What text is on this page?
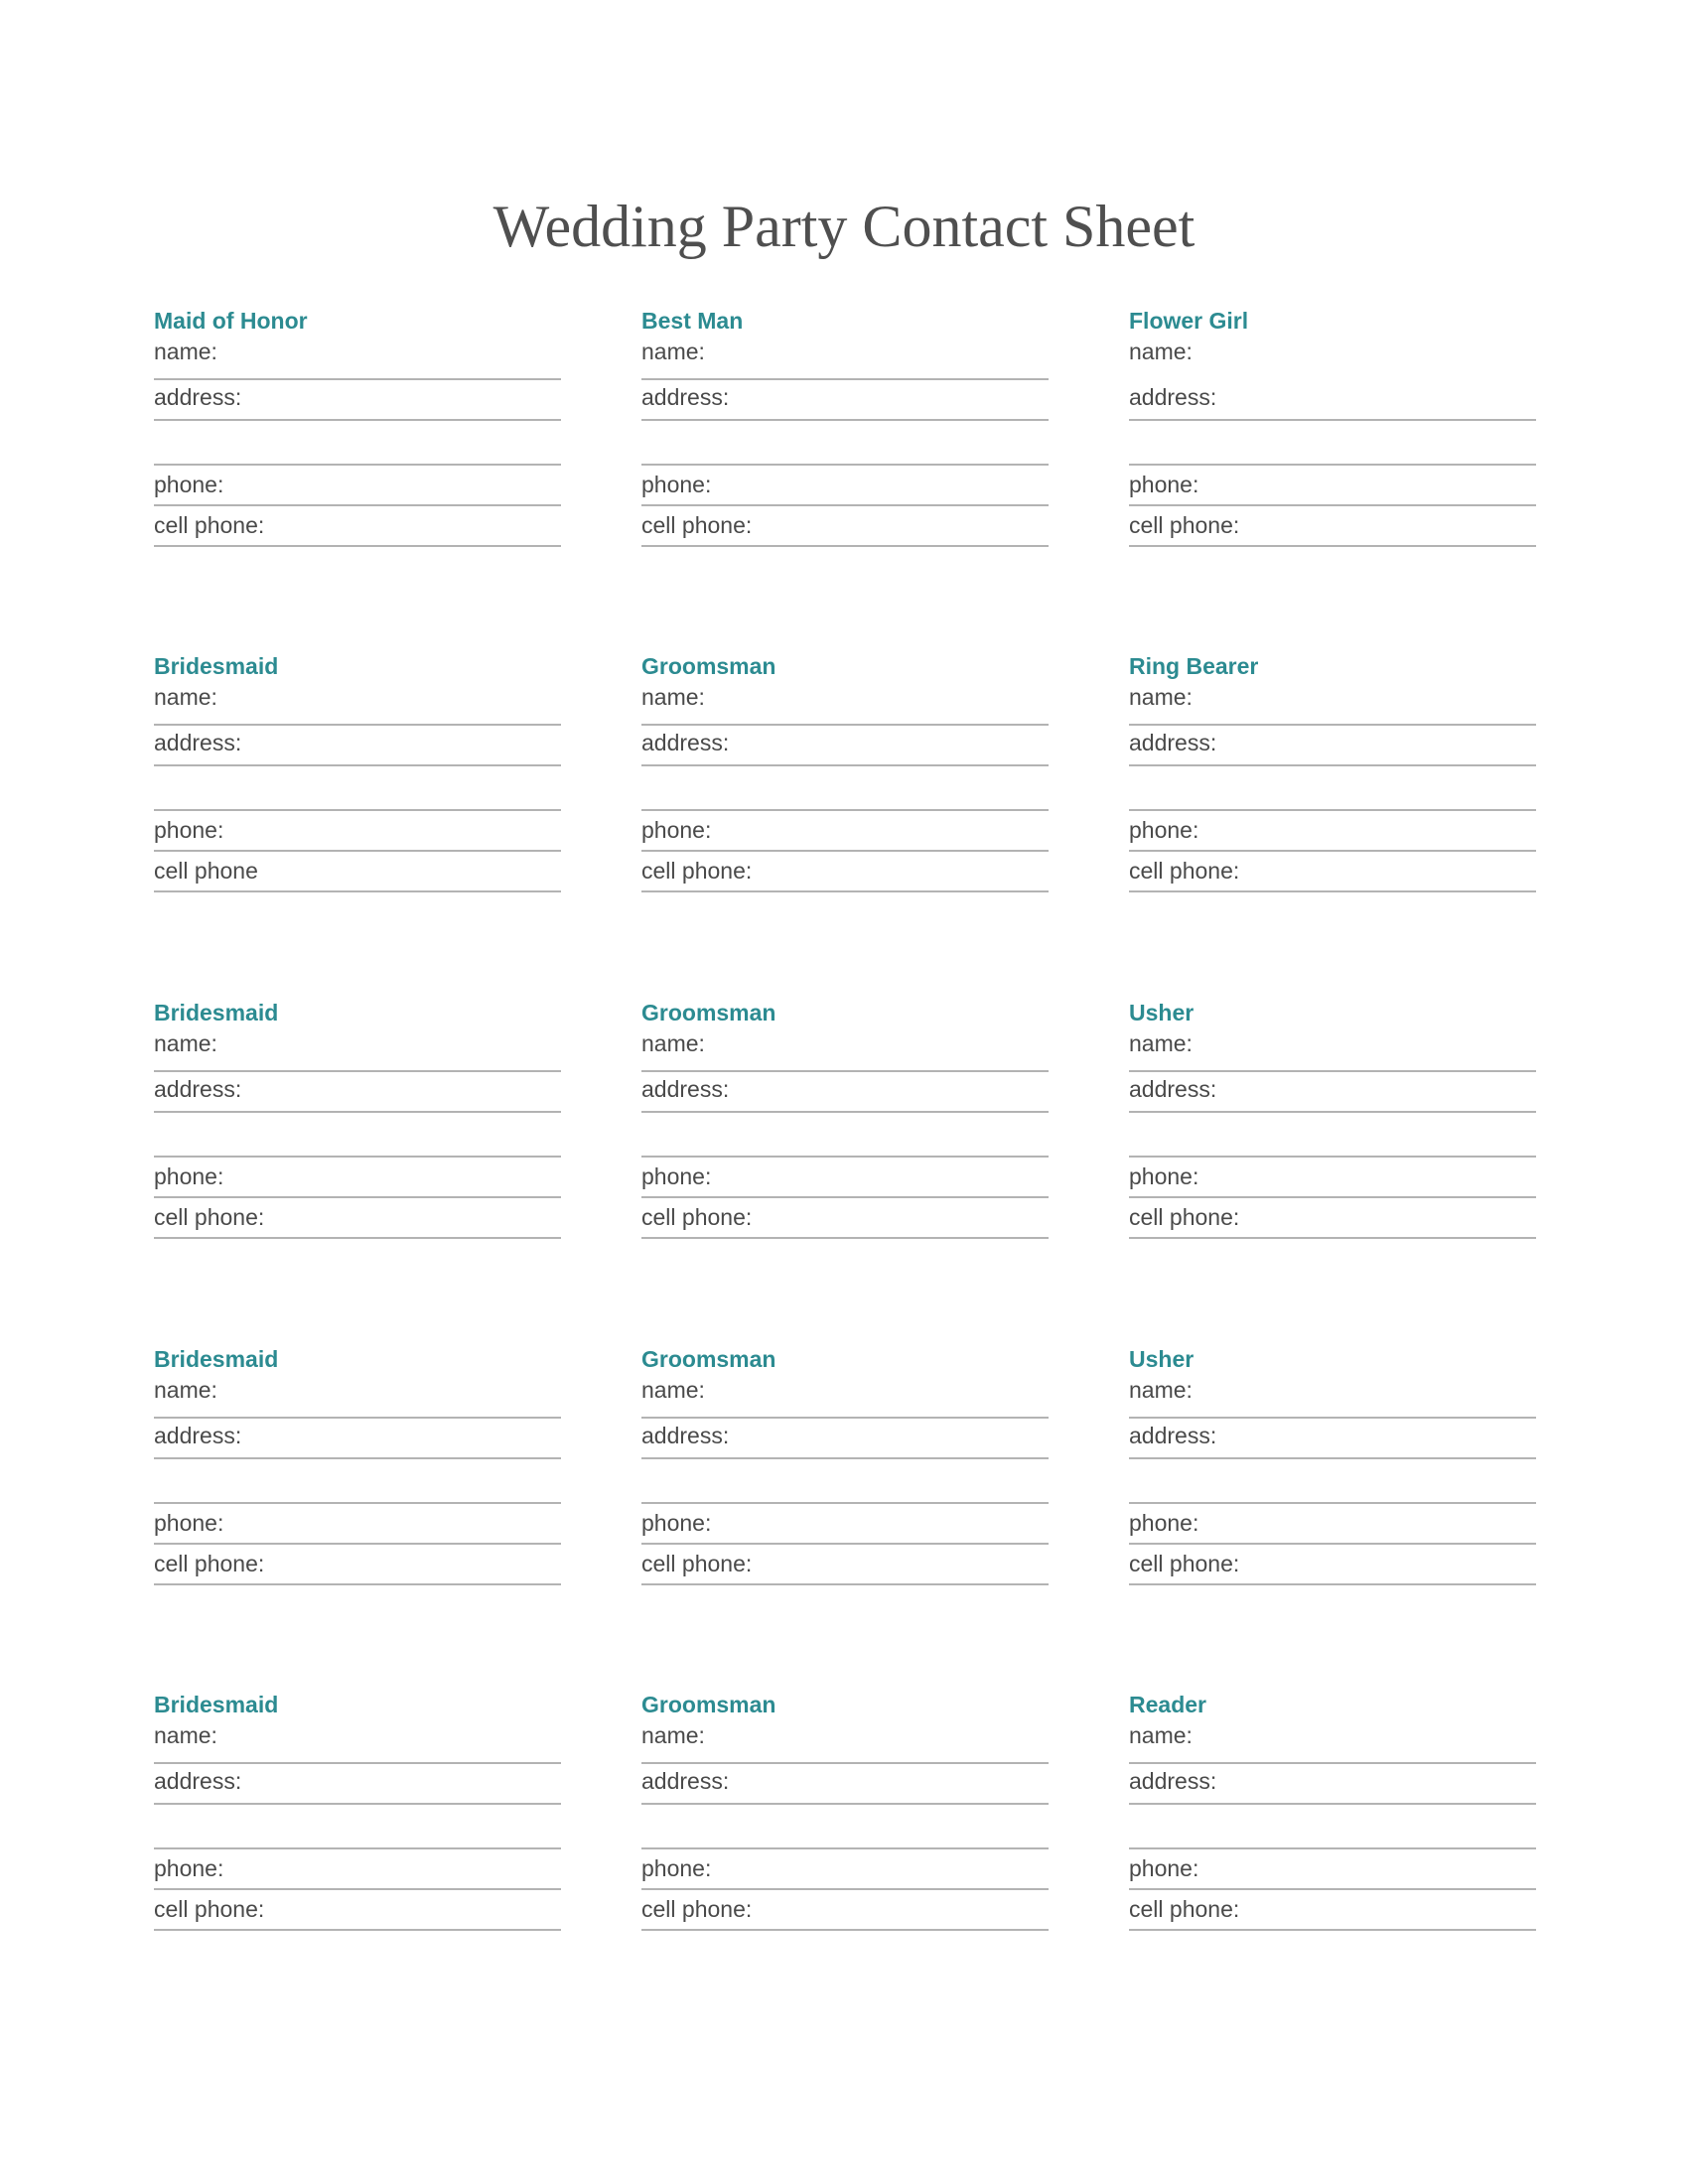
Wedding Party Contact Sheet
Maid of Honor
name:
address:
phone:
cell phone:
Best Man
name:
address:
phone:
cell phone:
Flower Girl
name:
address:
phone:
cell phone:
Bridesmaid
name:
address:
phone:
cell phone
Groomsman
name:
address:
phone:
cell phone:
Ring Bearer
name:
address:
phone:
cell phone:
Bridesmaid
name:
address:
phone:
cell phone:
Groomsman
name:
address:
phone:
cell phone:
Usher
name:
address:
phone:
cell phone:
Bridesmaid
name:
address:
phone:
cell phone:
Groomsman
name:
address:
phone:
cell phone:
Usher
name:
address:
phone:
cell phone:
Bridesmaid
name:
address:
phone:
cell phone:
Groomsman
name:
address:
phone:
cell phone:
Reader
name:
address:
phone:
cell phone:
